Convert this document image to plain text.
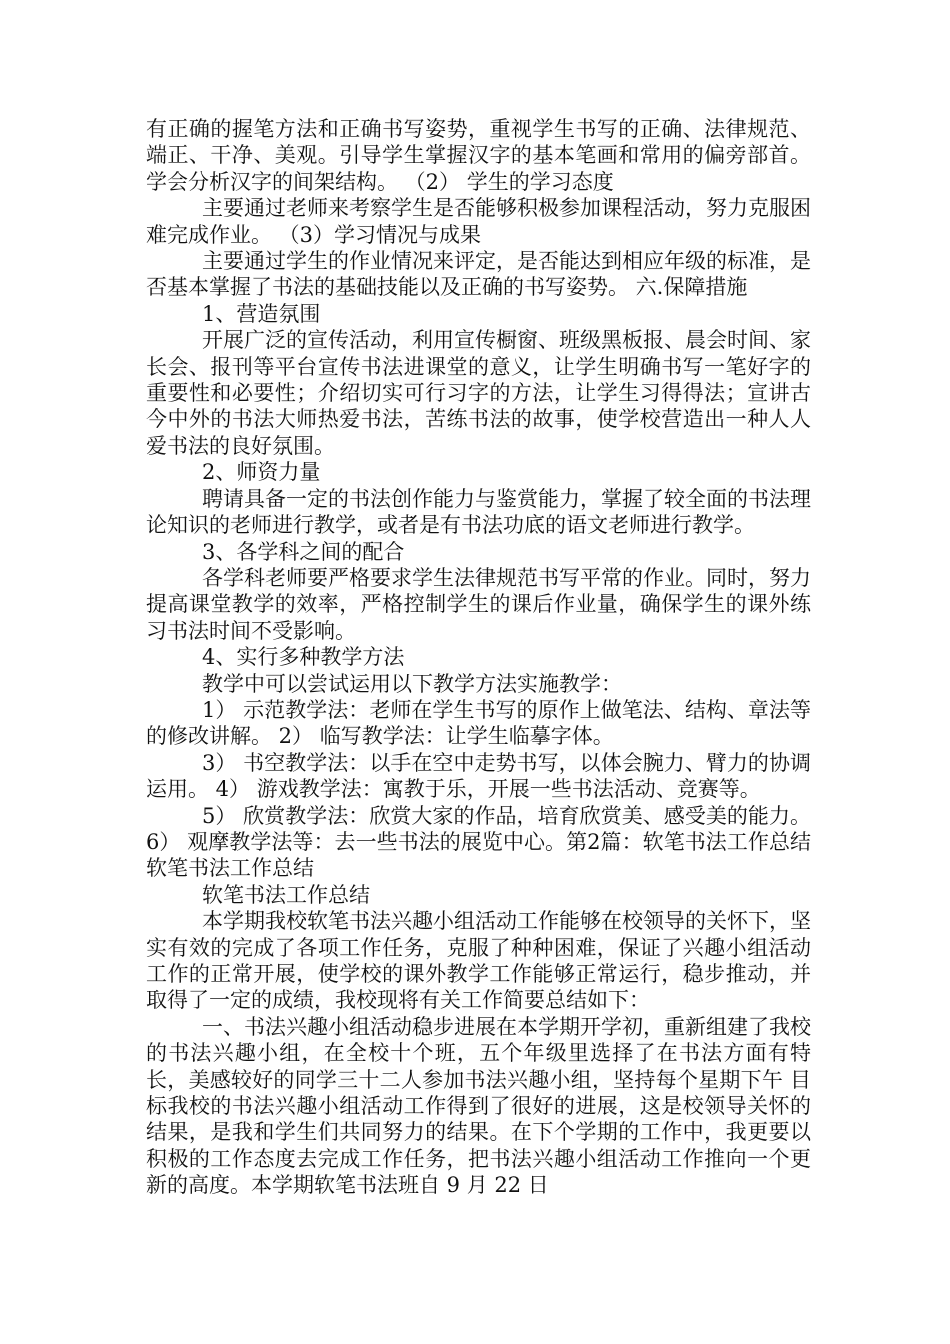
有正确的握笔方法和正确书写姿势，重视学生书写的正确、法律规范、端正、干净、美观。引导学生掌握汉字的基本笔画和常用的偏旁部首。学会分析汉字的间架结构。 （2） 学生的学习态度

主要通过老师来考察学生是否能够积极参加课程活动，努力克服困难完成作业。 （3）学习情况与成果

主要通过学生的作业情况来评定，是否能达到相应年级的标准，是否基本掌握了书法的基础技能以及正确的书写姿势。 六.保障措施

1、营造氛围

开展广泛的宣传活动，利用宣传橱窗、班级黑板报、晨会时间、家长会、报刊等平台宣传书法进课堂的意义，让学生明确书写一笔好字的重要性和必要性；介绍切实可行习字的方法，让学生习得得法；宣讲古今中外的书法大师热爱书法，苦练书法的故事，使学校营造出一种人人爱书法的良好氛围。

2、师资力量

聘请具备一定的书法创作能力与鉴赏能力，掌握了较全面的书法理论知识的老师进行教学，或者是有书法功底的语文老师进行教学。

3、各学科之间的配合

各学科老师要严格要求学生法律规范书写平常的作业。同时，努力提高课堂教学的效率，严格控制学生的课后作业量，确保学生的课外练习书法时间不受影响。

4、实行多种教学方法

教学中可以尝试运用以下教学方法实施教学：

1） 示范教学法：老师在学生书写的原作上做笔法、结构、章法等的修改讲解。 2） 临写教学法：让学生临摹字体。

3） 书空教学法：以手在空中走势书写，以体会腕力、臂力的协调运用。 4） 游戏教学法：寓教于乐，开展一些书法活动、竞赛等。

5） 欣赏教学法：欣赏大家的作品，培育欣赏美、感受美的能力。 6） 观摩教学法等：去一些书法的展览中心。第2篇：软笔书法工作总结软笔书法工作总结

软笔书法工作总结

本学期我校软笔书法兴趣小组活动工作能够在校领导的关怀下，坚实有效的完成了各项工作任务，克服了种种困难，保证了兴趣小组活动工作的正常开展，使学校的课外教学工作能够正常运行，稳步推动，并取得了一定的成绩，我校现将有关工作简要总结如下：

一、书法兴趣小组活动稳步进展在本学期开学初，重新组建了我校的书法兴趣小组，在全校十个班，五个年级里选择了在书法方面有特长，美感较好的同学三十二人参加书法兴趣小组，坚持每个星期下午 目标我校的书法兴趣小组活动工作得到了很好的进展，这是校领导关怀的结果，是我和学生们共同努力的结果。在下个学期的工作中，我更要以积极的工作态度去完成工作任务，把书法兴趣小组活动工作推向一个更新的高度。本学期软笔书法班自 9 月 22 日
